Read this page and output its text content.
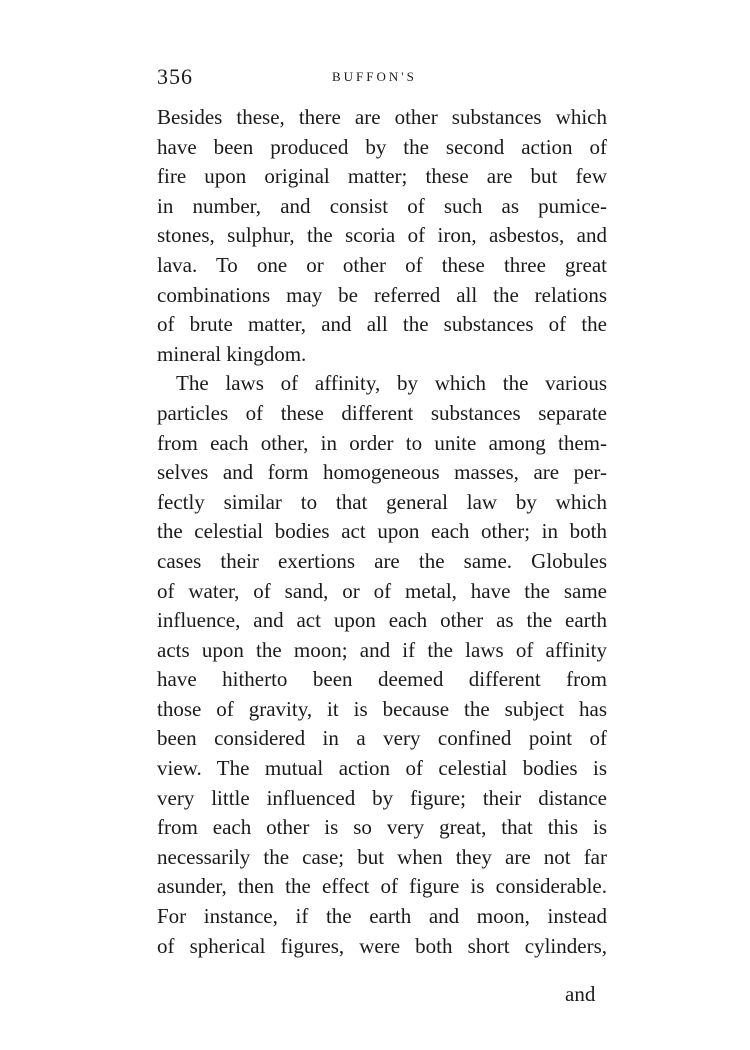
356	BUFFON'S
Besides these, there are other substances which
have been produced by the second action of
fire upon original matter; these are but few
in number, and consist of such as pumice-
stones, sulphur, the scoria of iron, asbestos, and
lava. To one or other of these three great
combinations may be referred all the relations
of brute matter, and all the substances of the
mineral kingdom.
The laws of affinity, by which the various
particles of these different substances separate
from each other, in order to unite among them-
selves and form homogeneous masses, are per-
fectly similar to that general law by which
the celestial bodies act upon each other; in both
cases their exertions are the same. Globules
of water, of sand, or of metal, have the same
influence, and act upon each other as the earth
acts upon the moon; and if the laws of affinity
have hitherto been deemed different from
those of gravity, it is because the subject has
been considered in a very confined point of
view. The mutual action of celestial bodies is
very little influenced by figure; their distance
from each other is so very great, that this is
necessarily the case; but when they are not far
asunder, then the effect of figure is considerable.
For instance, if the earth and moon, instead
of spherical figures, were both short cylinders,
and
